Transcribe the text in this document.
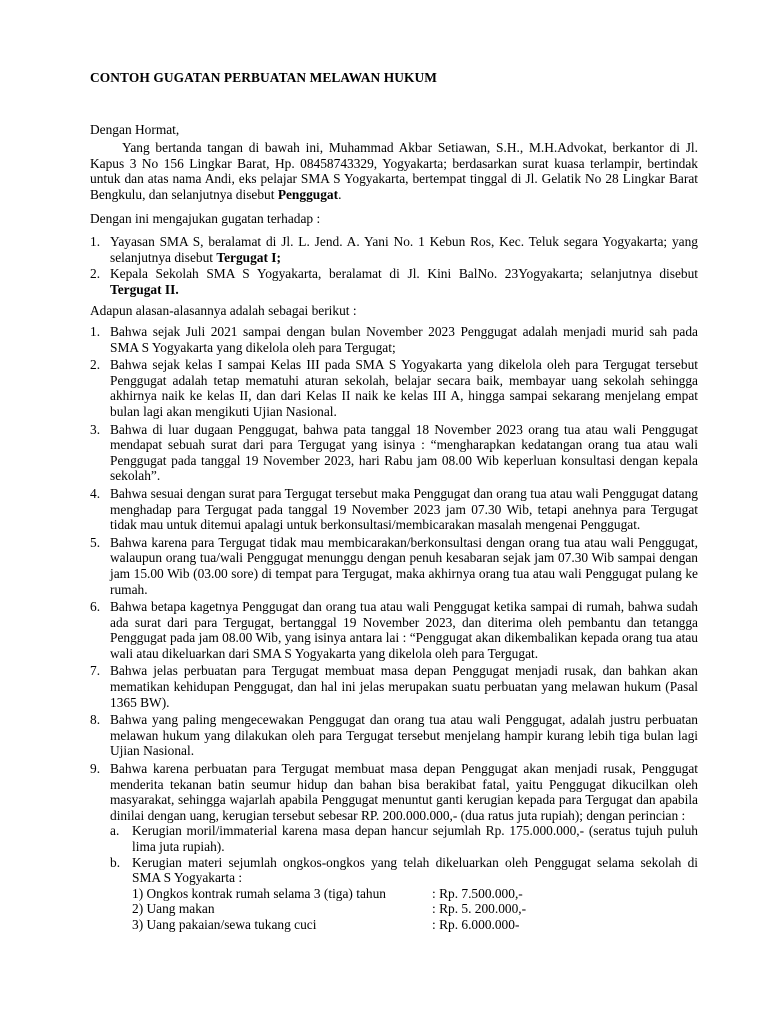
CONTOH GUGATAN PERBUATAN MELAWAN HUKUM
Dengan Hormat,
Yang bertanda tangan di bawah ini, Muhammad Akbar Setiawan, S.H., M.H.Advokat, berkantor di Jl. Kapus 3 No 156 Lingkar Barat, Hp. 08458743329, Yogyakarta; berdasarkan surat kuasa terlampir, bertindak untuk dan atas nama Andi, eks pelajar SMA S Yogyakarta, bertempat tinggal di Jl. Gelatik No 28 Lingkar Barat Bengkulu, dan selanjutnya disebut Penggugat.
Dengan ini mengajukan gugatan terhadap :
1. Yayasan SMA S, beralamat di Jl. L. Jend. A. Yani No. 1 Kebun Ros, Kec. Teluk segara Yogyakarta; yang selanjutnya disebut Tergugat I;
2. Kepala Sekolah SMA S Yogyakarta, beralamat di Jl. Kini BalNo. 23Yogyakarta; selanjutnya disebut Tergugat II.
Adapun alasan-alasannya adalah sebagai berikut :
1. Bahwa sejak Juli 2021 sampai dengan bulan November 2023 Penggugat adalah menjadi murid sah pada SMA S Yogyakarta yang dikelola oleh para Tergugat;
2. Bahwa sejak kelas I sampai Kelas III pada SMA S Yogyakarta yang dikelola oleh para Tergugat tersebut Penggugat adalah tetap mematuhi aturan sekolah, belajar secara baik, membayar uang sekolah sehingga akhirnya naik ke kelas II, dan dari Kelas II naik ke kelas III A, hingga sampai sekarang menjelang empat bulan lagi akan mengikuti Ujian Nasional.
3. Bahwa di luar dugaan Penggugat, bahwa pata tanggal 18 November 2023 orang tua atau wali Penggugat mendapat sebuah surat dari para Tergugat yang isinya : “mengharapkan kedatangan orang tua atau wali Penggugat pada tanggal 19 November 2023, hari Rabu jam 08.00 Wib keperluan konsultasi dengan kepala sekolah”.
4. Bahwa sesuai dengan surat para Tergugat tersebut maka Penggugat dan orang tua atau wali Penggugat datang menghadap para Tergugat pada tanggal 19 November 2023 jam 07.30 Wib, tetapi anehnya para Tergugat tidak mau untuk ditemui apalagi untuk berkonsultasi/membicarakan masalah mengenai Penggugat.
5. Bahwa karena para Tergugat tidak mau membicarakan/berkonsultasi dengan orang tua atau wali Penggugat, walaupun orang tua/wali Penggugat menunggu dengan penuh kesabaran sejak jam 07.30 Wib sampai dengan jam 15.00 Wib (03.00 sore) di tempat para Tergugat, maka akhirnya orang tua atau wali Penggugat pulang ke rumah.
6. Bahwa betapa kagetnya Penggugat dan orang tua atau wali Penggugat ketika sampai di rumah, bahwa sudah ada surat dari para Tergugat, bertanggal 19 November 2023, dan diterima oleh pembantu dan tetangga Penggugat pada jam 08.00 Wib, yang isinya antara lai : “Penggugat akan dikembalikan kepada orang tua atau wali atau dikeluarkan dari SMA S Yogyakarta yang dikelola oleh para Tergugat.
7. Bahwa jelas perbuatan para Tergugat membuat masa depan Penggugat menjadi rusak, dan bahkan akan mematikan kehidupan Penggugat, dan hal ini jelas merupakan suatu perbuatan yang melawan hukum (Pasal 1365 BW).
8. Bahwa yang paling mengecewakan Penggugat dan orang tua atau wali Penggugat, adalah justru perbuatan melawan hukum yang dilakukan oleh para Tergugat tersebut menjelang hampir kurang lebih tiga bulan lagi Ujian Nasional.
9. Bahwa karena perbuatan para Tergugat membuat masa depan Penggugat akan menjadi rusak, Penggugat menderita tekanan batin seumur hidup dan bahan bisa berakibat fatal, yaitu Penggugat dikucilkan oleh masyarakat, sehingga wajarlah apabila Penggugat menuntut ganti kerugian kepada para Tergugat dan apabila dinilai dengan uang, kerugian tersebut sebesar RP. 200.000.000,- (dua ratus juta rupiah); dengan perincian :
a. Kerugian moril/immaterial karena masa depan hancur sejumlah Rp. 175.000.000,- (seratus tujuh puluh lima juta rupiah).
b. Kerugian materi sejumlah ongkos-ongkos yang telah dikeluarkan oleh Penggugat selama sekolah di SMA S Yogyakarta :
1) Ongkos kontrak rumah selama 3 (tiga) tahun	: Rp. 7.500.000,-
2) Uang makan	: Rp. 5. 200.000,-
3) Uang pakaian/sewa tukang cuci	: Rp. 6.000.000-
